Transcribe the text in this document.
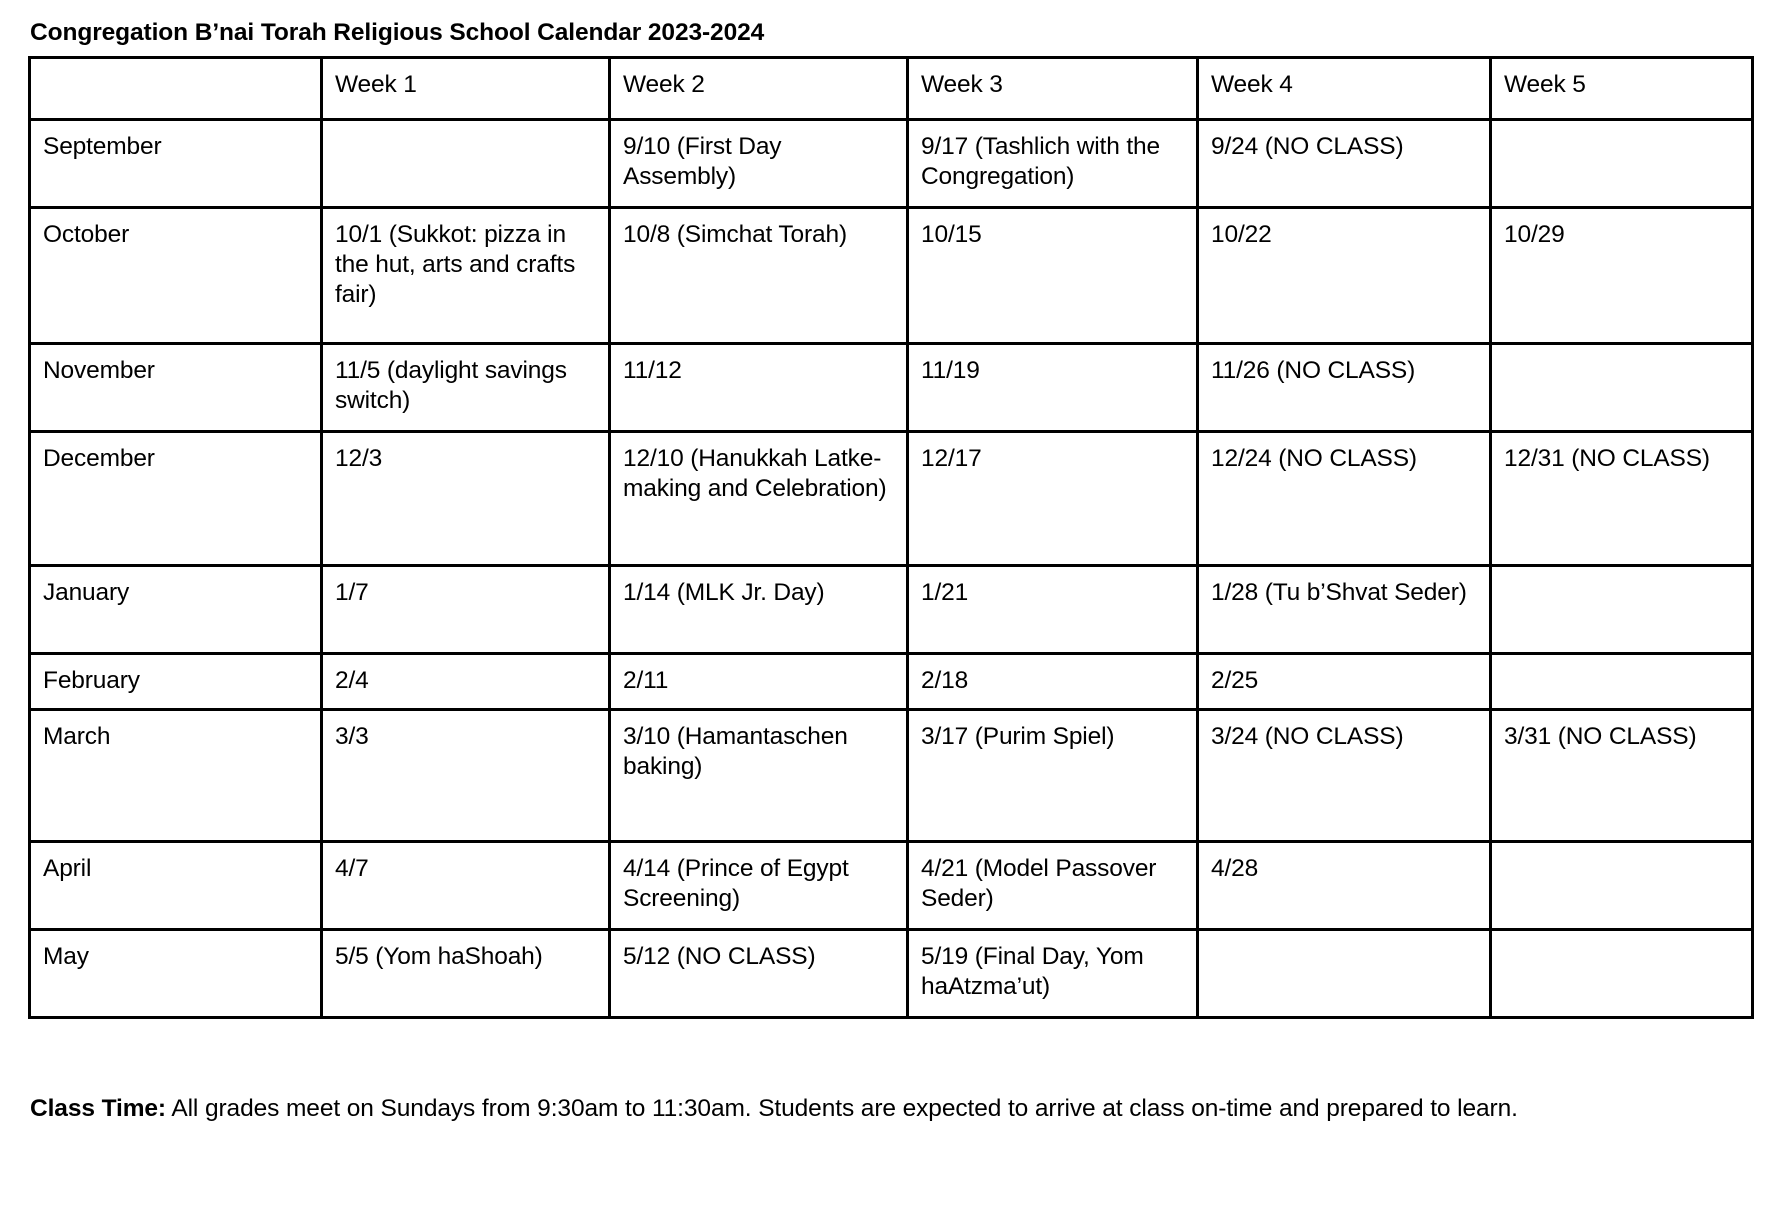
Congregation B’nai Torah Religious School Calendar 2023-2024
	Week 1	Week 2	Week 3	Week 4	Week 5
September		9/10 (First Day Assembly)	9/17 (Tashlich with the Congregation)	9/24 (NO CLASS)	
October	10/1 (Sukkot: pizza in the hut, arts and crafts fair)	10/8 (Simchat Torah)	10/15	10/22	10/29
November	11/5 (daylight savings switch)	11/12	11/19	11/26 (NO CLASS)	
December	12/3	12/10 (Hanukkah Latke-making and Celebration)	12/17	12/24 (NO CLASS)	12/31 (NO CLASS)
January	1/7	1/14 (MLK Jr. Day)	1/21	1/28 (Tu b’Shvat Seder)	
February	2/4	2/11	2/18	2/25	
March	3/3	3/10 (Hamantaschen baking)	3/17 (Purim Spiel)	3/24 (NO CLASS)	3/31 (NO CLASS)
April	4/7	4/14 (Prince of Egypt Screening)	4/21 (Model Passover Seder)	4/28	
May	5/5 (Yom haShoah)	5/12 (NO CLASS)	5/19 (Final Day, Yom haAtzma’ut)		

Class Time: All grades meet on Sundays from 9:30am to 11:30am. Students are expected to arrive at class on-time and prepared to learn.
